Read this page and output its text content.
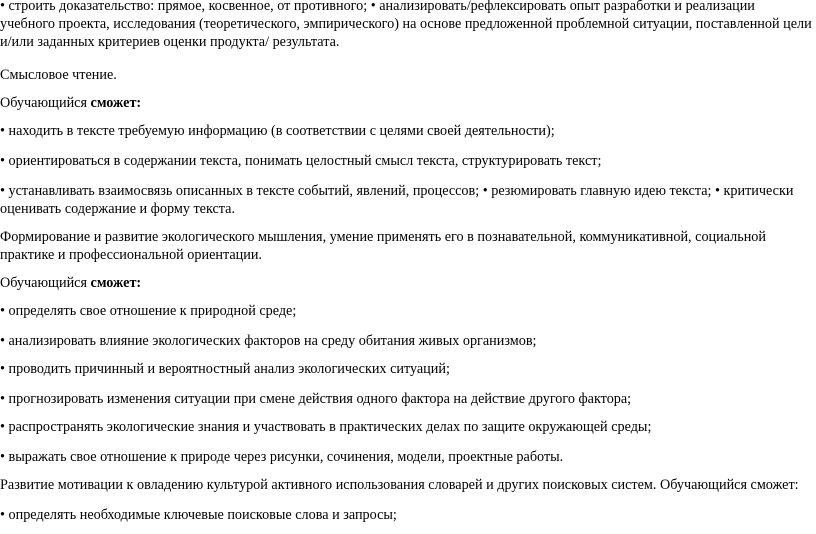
• строить доказательство: прямое, косвенное, от противного; • анализировать/рефлексировать опыт разработки и реализации учебного проекта, исследования (теоретического, эмпирического) на основе предложенной проблемной ситуации, поставленной цели и/или заданных критериев оценки продукта/ результата.

Смысловое чтение.

Обучающийся сможет:

• находить в тексте требуемую информацию (в соответствии с целями своей деятельности);

• ориентироваться в содержании текста, понимать целостный смысл текста, структурировать текст;

• устанавливать взаимосвязь описанных в тексте событий, явлений, процессов; • резюмировать главную идею текста; • критически оценивать содержание и форму текста.

Формирование и развитие экологического мышления, умение применять его в познавательной, коммуникативной, социальной практике и профессиональной ориентации.

Обучающийся сможет:

• определять свое отношение к природной среде;

• анализировать влияние экологических факторов на среду обитания живых организмов;

• проводить причинный и вероятностный анализ экологических ситуаций;

• прогнозировать изменения ситуации при смене действия одного фактора на действие другого фактора;

• распространять экологические знания и участвовать в практических делах по защите окружающей среды;

• выражать свое отношение к природе через рисунки, сочинения, модели, проектные работы.

Развитие мотивации к овладению культурой активного использования словарей и других поисковых систем. Обучающийся сможет:

• определять необходимые ключевые поисковые слова и запросы;
